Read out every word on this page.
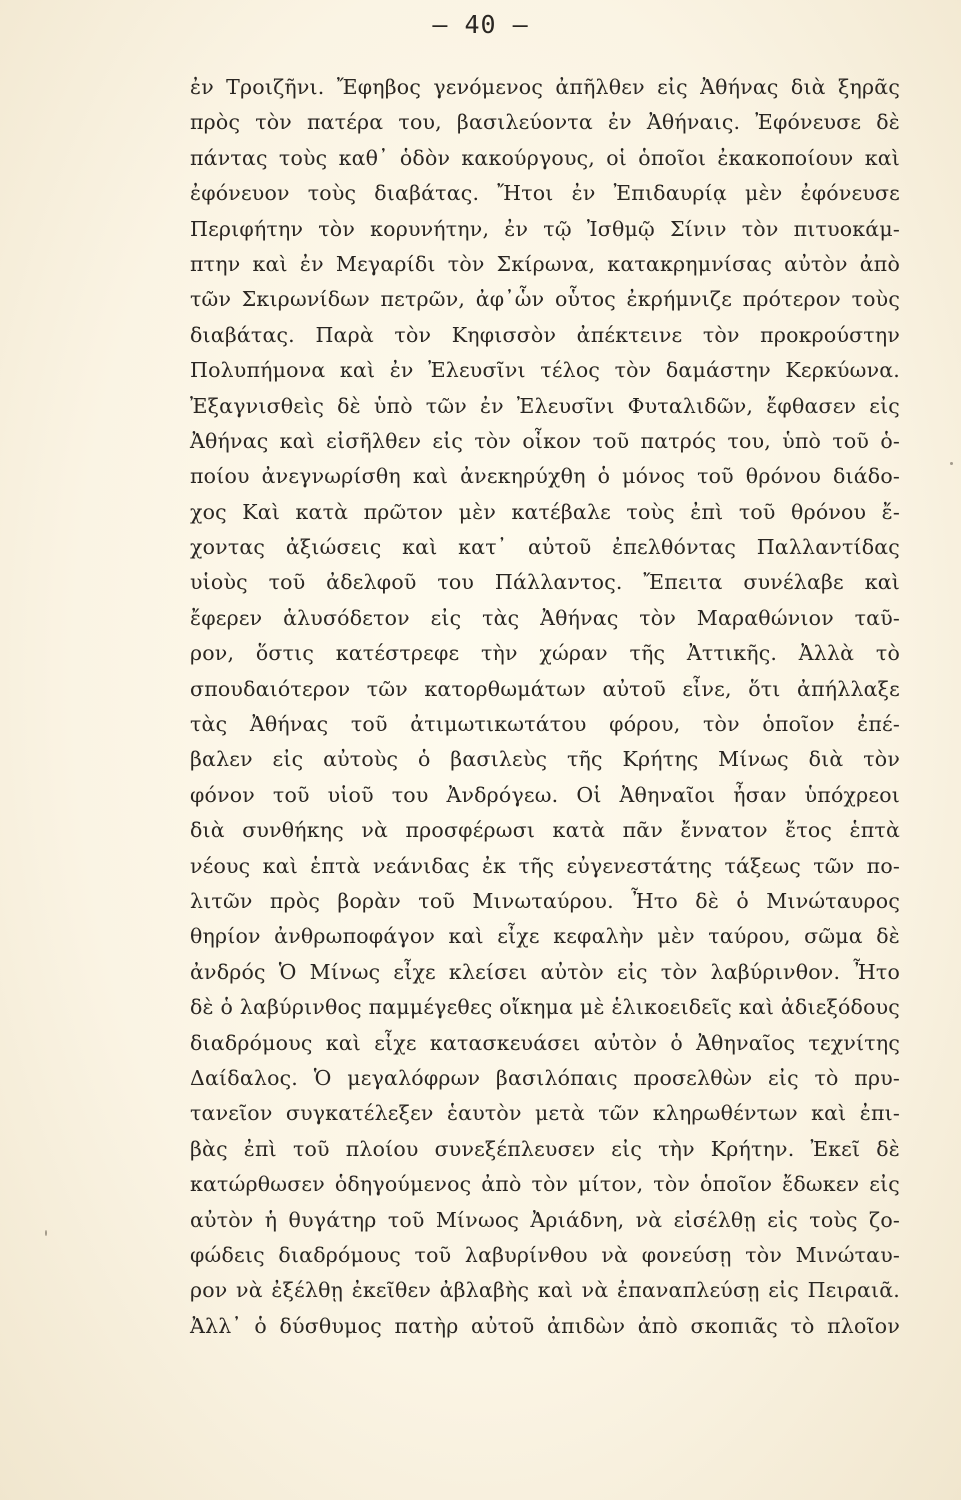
— 40 —
ἐν Τροιζῆνι. Ἔφηβος γενόμενος ἀπῆλθεν εἰς Ἀθήνας διὰ ξηρᾶς
πρὸς τὸν πατέρα του, βασιλεύοντα ἐν Ἀθήναις. Ἐφόνευσε δὲ
πάντας τοὺς καθ᾽ ὁδὸν κακούργους, οἱ ὁποῖοι ἐκακοποίουν καὶ
ἐφόνευον τοὺς διαβάτας. Ἤτοι ἐν Ἐπιδαυρίᾳ μὲν ἐφόνευσε
Περιφήτην τὸν κορυνήτην, ἐν τῷ Ἰσθμῷ Σίνιν τὸν πιτυοκάμ-
πτην καὶ ἐν Μεγαρίδι τὸν Σκίρωνα, κατακρημνίσας αὐτὸν ἀπὸ
τῶν Σκιρωνίδων πετρῶν, ἀφ᾽ὧν οὗτος ἐκρήμνιζε πρότερον τοὺς
διαβάτας. Παρὰ τὸν Κηφισσὸν ἀπέκτεινε τὸν προκρούστην
Πολυπήμονα καὶ ἐν Ἐλευσῖνι τέλος τὸν δαμάστην Κερκύωνα.
Ἐξαγνισθεὶς δὲ ὑπὸ τῶν ἐν Ἐλευσῖνι Φυταλιδῶν, ἔφθασεν εἰς
Ἀθήνας καὶ εἰσῆλθεν εἰς τὸν οἶκον τοῦ πατρός του, ὑπὸ τοῦ ὁ-
ποίου ἀνεγνωρίσθη καὶ ἀνεκηρύχθη ὁ μόνος τοῦ θρόνου διάδο-
χος Καὶ κατὰ πρῶτον μὲν κατέβαλε τοὺς ἐπὶ τοῦ θρόνου ἔ-
χοντας ἀξιώσεις καὶ κατ᾽ αὐτοῦ ἐπελθόντας Παλλαντίδας
υἱοὺς τοῦ ἀδελφοῦ του Πάλλαντος. Ἔπειτα συνέλαβε καὶ
ἔφερεν ἁλυσόδετον εἰς τὰς Ἀθήνας τὸν Μαραθώνιον ταῦ-
ρον, ὅστις κατέστρεφε τὴν χώραν τῆς Ἀττικῆς. Ἀλλὰ τὸ
σπουδαιότερον τῶν κατορθωμάτων αὐτοῦ εἶνε, ὅτι ἀπήλλαξε
τὰς Ἀθήνας τοῦ ἀτιμωτικωτάτου φόρου, τὸν ὁποῖον ἐπέ-
βαλεν εἰς αὐτοὺς ὁ βασιλεὺς τῆς Κρήτης Μίνως διὰ τὸν
φόνον τοῦ υἱοῦ του Ἀνδρόγεω. Οἱ Ἀθηναῖοι ἦσαν ὑπόχρεοι
διὰ συνθήκης νὰ προσφέρωσι κατὰ πᾶν ἔννατον ἔτος ἑπτὰ
νέους καὶ ἑπτὰ νεάνιδας ἐκ τῆς εὐγενεστάτης τάξεως τῶν πο-
λιτῶν πρὸς βορὰν τοῦ Μινωταύρου. Ἦτο δὲ ὁ Μινώταυρος
θηρίον ἀνθρωποφάγον καὶ εἶχε κεφαλὴν μὲν ταύρου, σῶμα δὲ
ἀνδρός Ὁ Μίνως εἶχε κλείσει αὐτὸν εἰς τὸν λαβύρινθον. Ἦτο
δὲ ὁ λαβύρινθος παμμέγεθες οἴκημα μὲ ἑλικοειδεῖς καὶ ἀδιεξόδους
διαδρόμους καὶ εἶχε κατασκευάσει αὐτὸν ὁ Ἀθηναῖος τεχνίτης
Δαίδαλος. Ὁ μεγαλόφρων βασιλόπαις προσελθὼν εἰς τὸ πρυ-
τανεῖον συγκατέλεξεν ἑαυτὸν μετὰ τῶν κληρωθέντων καὶ ἐπι-
βὰς ἐπὶ τοῦ πλοίου συνεξέπλευσεν εἰς τὴν Κρήτην. Ἐκεῖ δὲ
κατώρθωσεν ὁδηγούμενος ἀπὸ τὸν μίτον, τὸν ὁποῖον ἔδωκεν εἰς
αὐτὸν ἡ θυγάτηρ τοῦ Μίνωος Ἀριάδνη, νὰ εἰσέλθῃ εἰς τοὺς ζο-
φώδεις διαδρόμους τοῦ λαβυρίνθου νὰ φονεύσῃ τὸν Μινώταυ-
ρον νὰ ἐξέλθῃ ἐκεῖθεν ἀβλαβὴς καὶ νὰ ἐπαναπλεύσῃ εἰς Πειραιᾶ.
Ἀλλ᾽ ὁ δύσθυμος πατὴρ αὐτοῦ ἀπιδὼν ἀπὸ σκοπιᾶς τὸ πλοῖον
